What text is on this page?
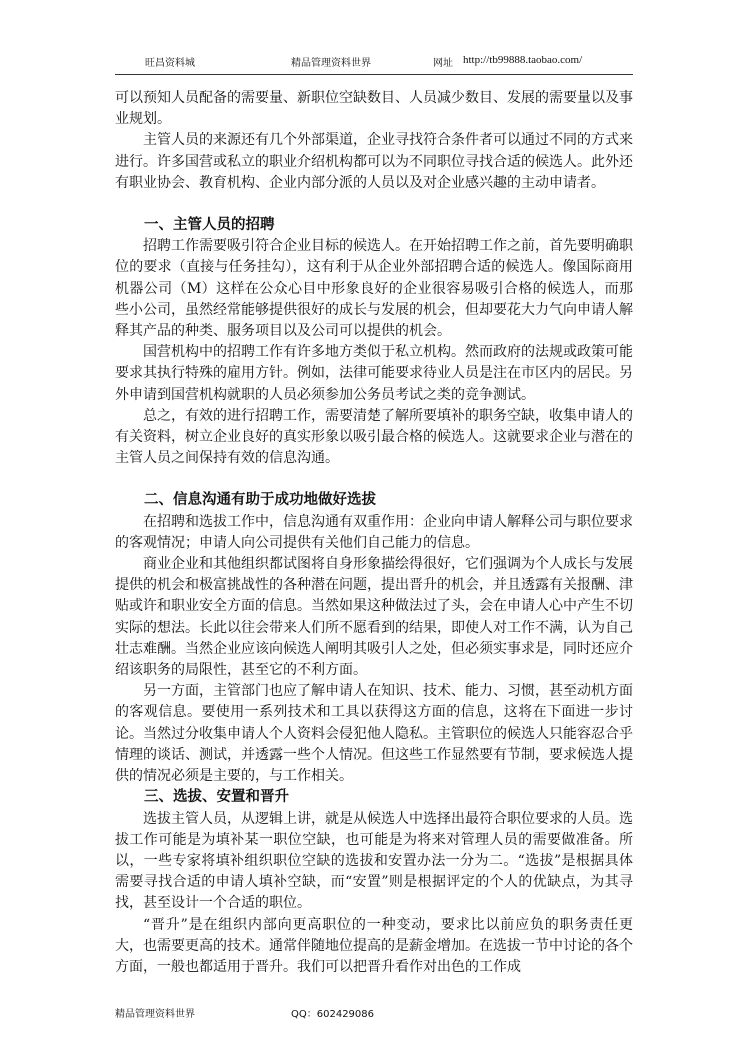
旺昌资料城	精品管理资料世界	网址 http://tb99888.taobao.com/

可以预知人员配备的需要量、新职位空缺数目、人员减少数目、发展的需要量以及事业规划。

主管人员的来源还有几个外部渠道，企业寻找符合条件者可以通过不同的方式来进行。许多国营或私立的职业介绍机构都可以为不同职位寻找合适的候选人。此外还有职业协会、教育机构、企业内部分派的人员以及对企业感兴趣的主动申请者。

一、主管人员的招聘

招聘工作需要吸引符合企业目标的候选人。在开始招聘工作之前，首先要明确职位的要求（直接与任务挂勾），这有利于从企业外部招聘合适的候选人。像国际商用机器公司（M）这样在公众心目中形象良好的企业很容易吸引合格的候选人，而那些小公司，虽然经常能够提供很好的成长与发展的机会，但却要花大力气向申请人解释其产品的种类、服务项目以及公司可以提供的机会。

国营机构中的招聘工作有许多地方类似于私立机构。然而政府的法规或政策可能要求其执行特殊的雇用方针。例如，法律可能要求待业人员是注在市区内的居民。另外申请到国营机构就职的人员必须参加公务员考试之类的竞争测试。

总之，有效的进行招聘工作，需要清楚了解所要填补的职务空缺，收集申请人的有关资料，树立企业良好的真实形象以吸引最合格的候选人。这就要求企业与潜在的主管人员之间保持有效的信息沟通。

二、信息沟通有助于成功地做好选拔

在招聘和选拔工作中，信息沟通有双重作用：企业向申请人解释公司与职位要求的客观情况；申请人向公司提供有关他们自己能力的信息。

商业企业和其他组织都试图将自身形象描绘得很好，它们强调为个人成长与发展提供的机会和极富挑战性的各种潜在问题，提出晋升的机会，并且透露有关报酬、津贴或许和职业安全方面的信息。当然如果这种做法过了头，会在申请人心中产生不切实际的想法。长此以往会带来人们所不愿看到的结果，即使人对工作不满，认为自己壮志难酬。当然企业应该向候选人阐明其吸引人之处，但必须实事求是，同时还应介绍该职务的局限性，甚至它的不利方面。

另一方面，主管部门也应了解申请人在知识、技术、能力、习惯，甚至动机方面的客观信息。要使用一系列技术和工具以获得这方面的信息，这将在下面进一步讨论。当然过分收集申请人个人资料会侵犯他人隐私。主管职位的候选人只能容忍合乎情理的谈话、测试，并透露一些个人情况。但这些工作显然要有节制，要求候选人提供的情况必须是主要的，与工作相关。

三、选拔、安置和晋升

选拔主管人员，从逻辑上讲，就是从候选人中选择出最符合职位要求的人员。选拔工作可能是为填补某一职位空缺，也可能是为将来对管理人员的需要做准备。所以，一些专家将填补组织职位空缺的选拔和安置办法一分为二。“选拔”是根据具体需要寻找合适的申请人填补空缺，而“安置”则是根据评定的个人的优缺点，为其寻找，甚至设计一个合适的职位。

“晋升”是在组织内部向更高职位的一种变动，要求比以前应负的职务责任更大，也需要更高的技术。通常伴随地位提高的是薪金增加。在选拔一节中讨论的各个方面，一般也都适用于晋升。我们可以把晋升看作对出色的工作成

精品管理资料世界	QQ：602429086
